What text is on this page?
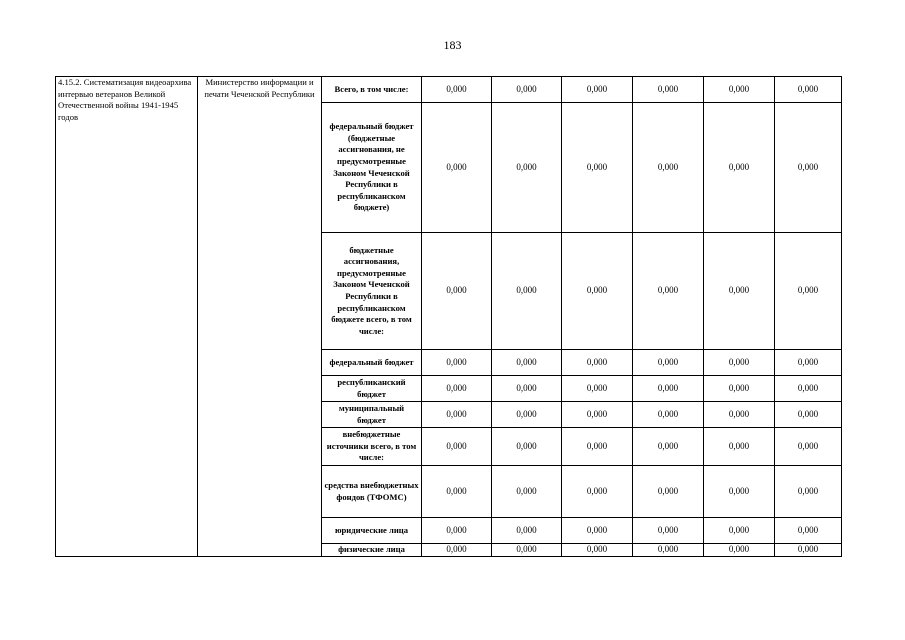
183
4.15.2. Систематизация видеоархива интервью ветеранов Великой Отечественной войны 1941-1945 годов	Министерство информации и печати Чеченской Республики	Всего, в том числе:	0,000	0,000	0,000	0,000	0,000	0,000
		федеральный бюджет (бюджетные ассигнования, не предусмотренные Законом Чеченской Республики в республиканском бюджете)	0,000	0,000	0,000	0,000	0,000	0,000
		бюджетные ассигнования, предусмотренные Законом Чеченской Республики в республиканском бюджете всего, в том числе:	0,000	0,000	0,000	0,000	0,000	0,000
		федеральный бюджет	0,000	0,000	0,000	0,000	0,000	0,000
		республиканский бюджет	0,000	0,000	0,000	0,000	0,000	0,000
		муниципальный бюджет	0,000	0,000	0,000	0,000	0,000	0,000
		внебюджетные источники всего, в том числе:	0,000	0,000	0,000	0,000	0,000	0,000
		средства внебюджетных фондов (ТФОМС)	0,000	0,000	0,000	0,000	0,000	0,000
		юридические лица	0,000	0,000	0,000	0,000	0,000	0,000
		физические лица	0,000	0,000	0,000	0,000	0,000	0,000
